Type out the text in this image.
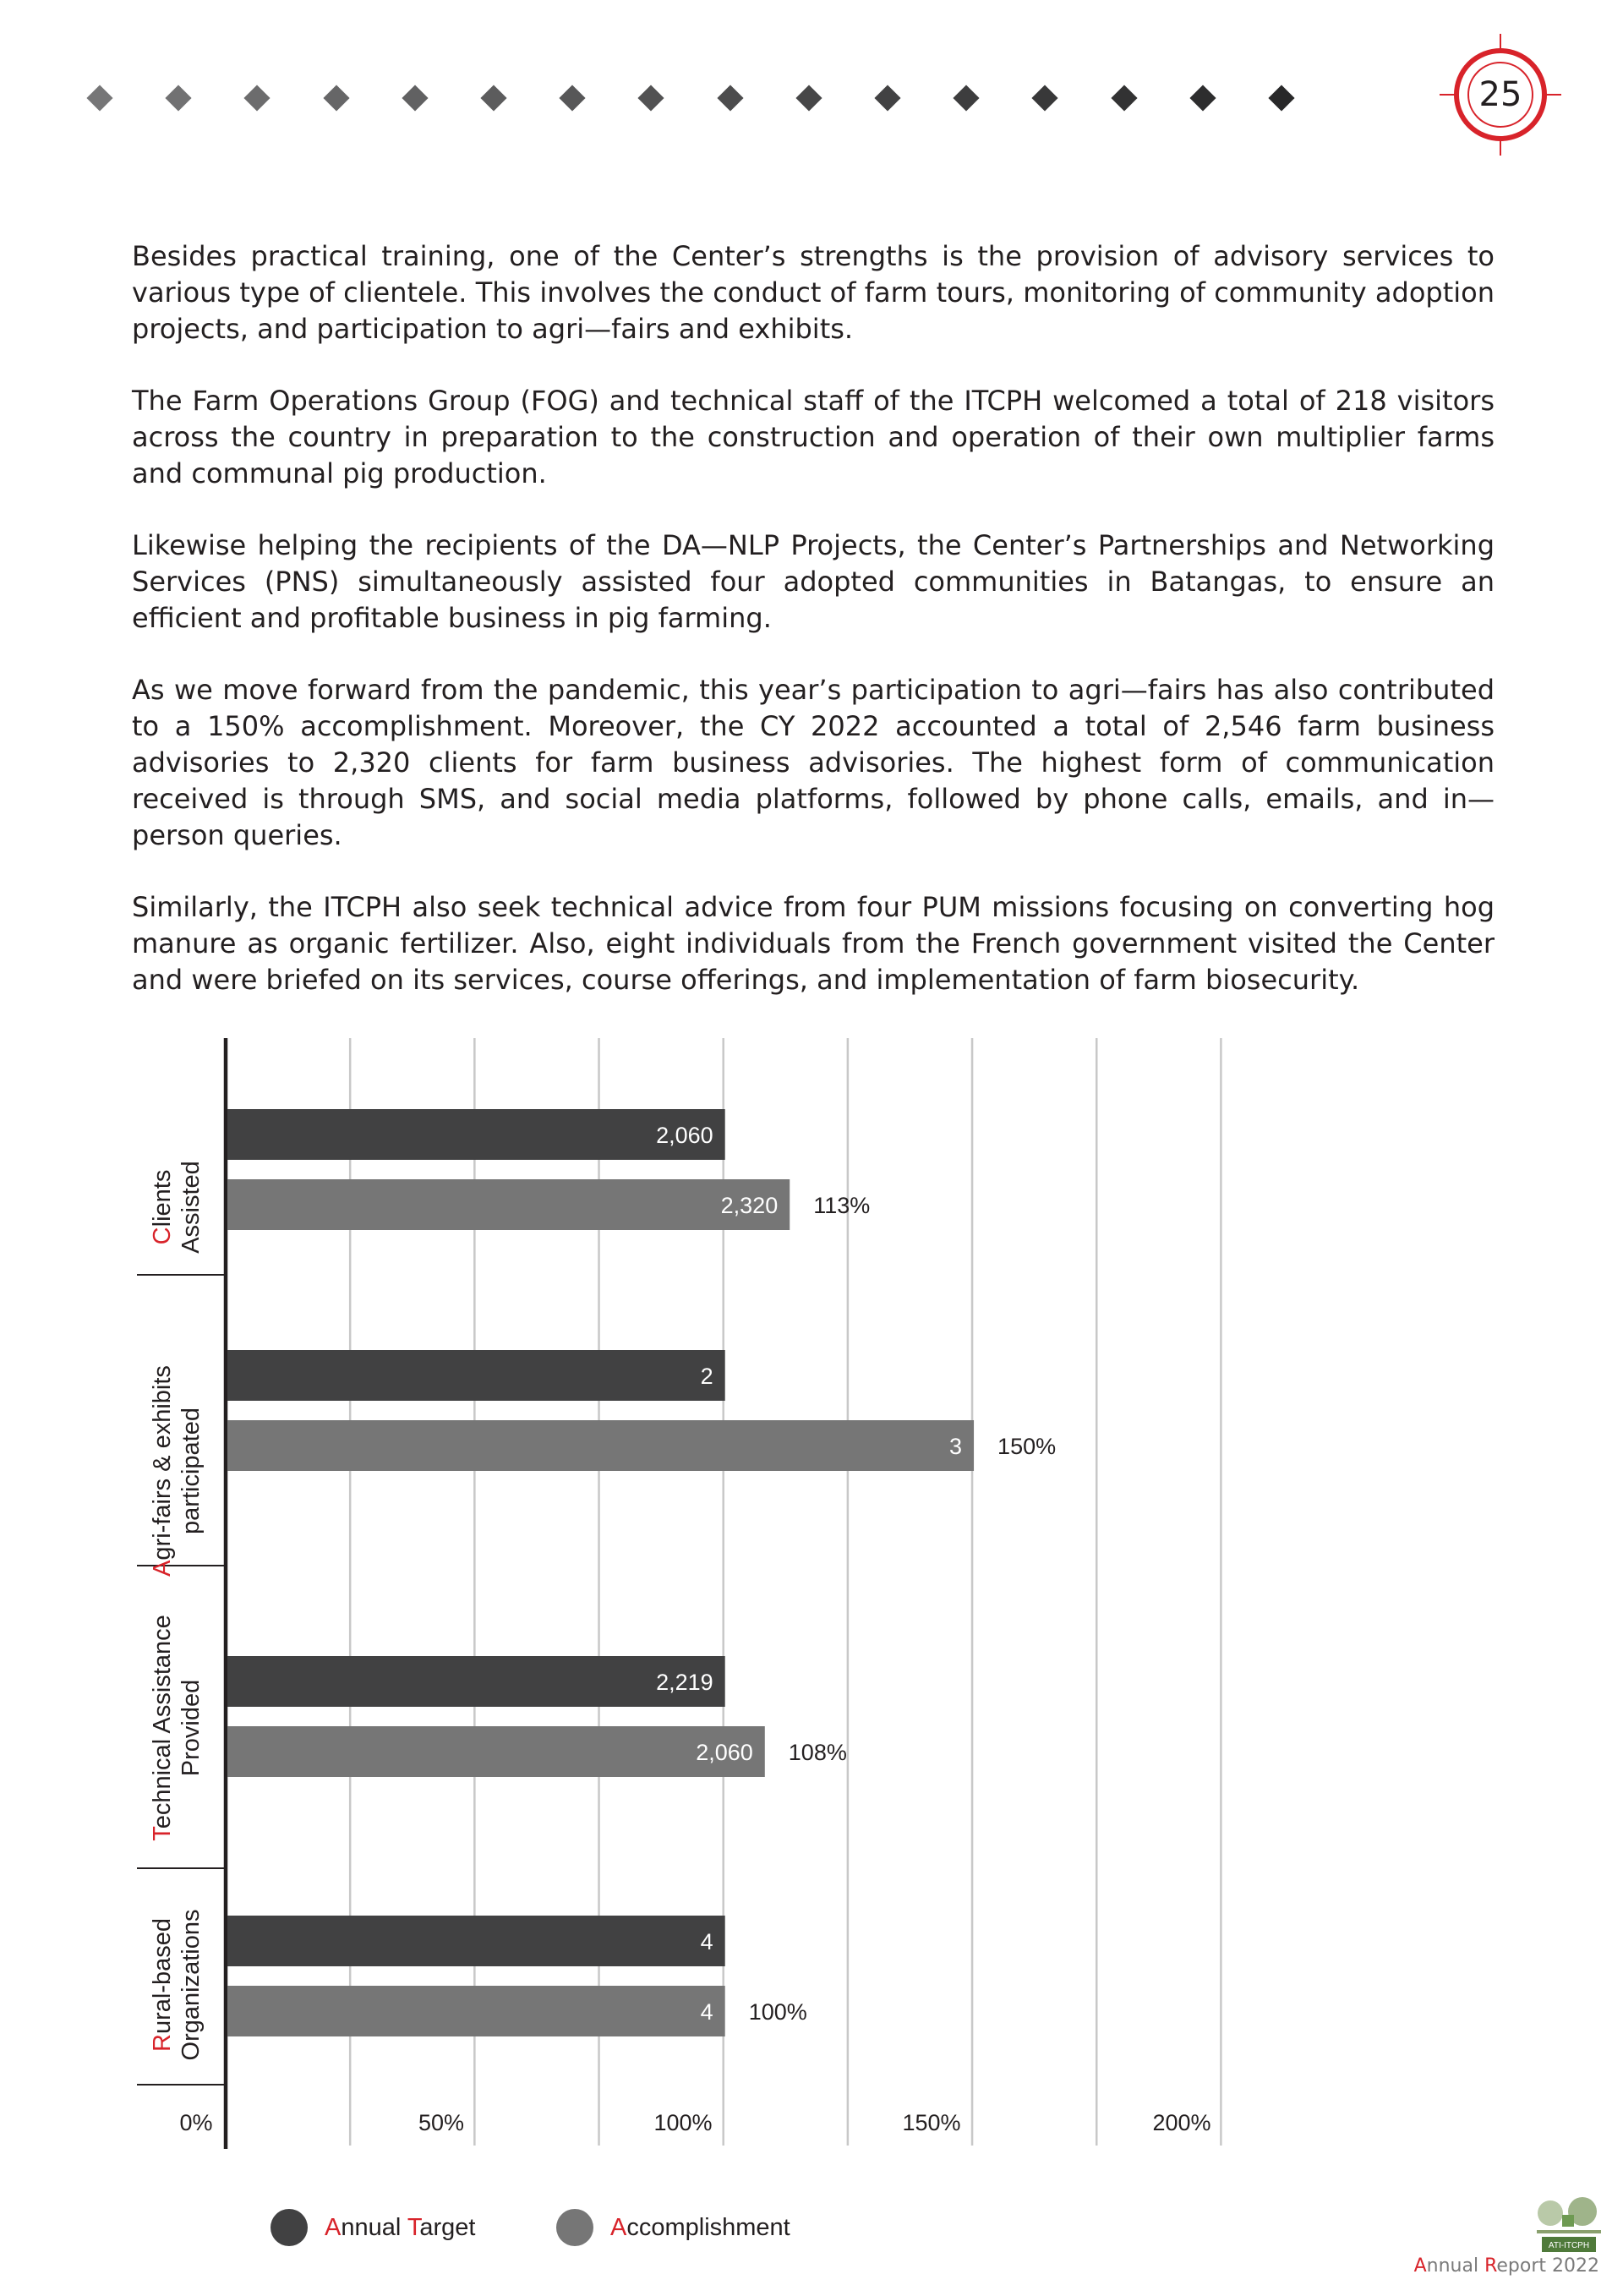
25

Besides practical training, one of the Center’s strengths is the provision of advisory services to various type of clientele. This involves the conduct of farm tours, monitoring of community adoption projects, and participation to agri—fairs and exhibits.

The Farm Operations Group (FOG) and technical staff of the ITCPH welcomed a total of 218 visitors across the country in preparation to the construction and operation of their own multiplier farms and communal pig production.

Likewise helping the recipients of the DA—NLP Projects, the Center’s Partnerships and Networking Services (PNS) simultaneously assisted four adopted communities in Batangas, to ensure an efficient and profitable business in pig farming.

As we move forward from the pandemic, this year’s participation to agri—fairs has also contributed to a 150% accomplishment. Moreover, the CY 2022 accounted a total of 2,546 farm business advisories to 2,320 clients for farm business advisories. The highest form of communication received is through SMS, and social media platforms, followed by phone calls, emails, and in—person queries.

Similarly, the ITCPH also seek technical advice from four PUM missions focusing on converting hog manure as organic fertilizer. Also, eight individuals from the French government visited the Center and were briefed on its services, course offerings, and implementation of farm biosecurity.

0%	50%	100%	150%	200%
2,060
2,320 113%
ClientsAssisted
2
3 150%
Agri-fairs & exhibitsparticipated
2,219
2,060 108%
Technical AssistanceProvided
4
4 100%
Rural-basedOrganizations
Annual Target	Accomplishment
ATI-ITCPH
Annual Report 2022
